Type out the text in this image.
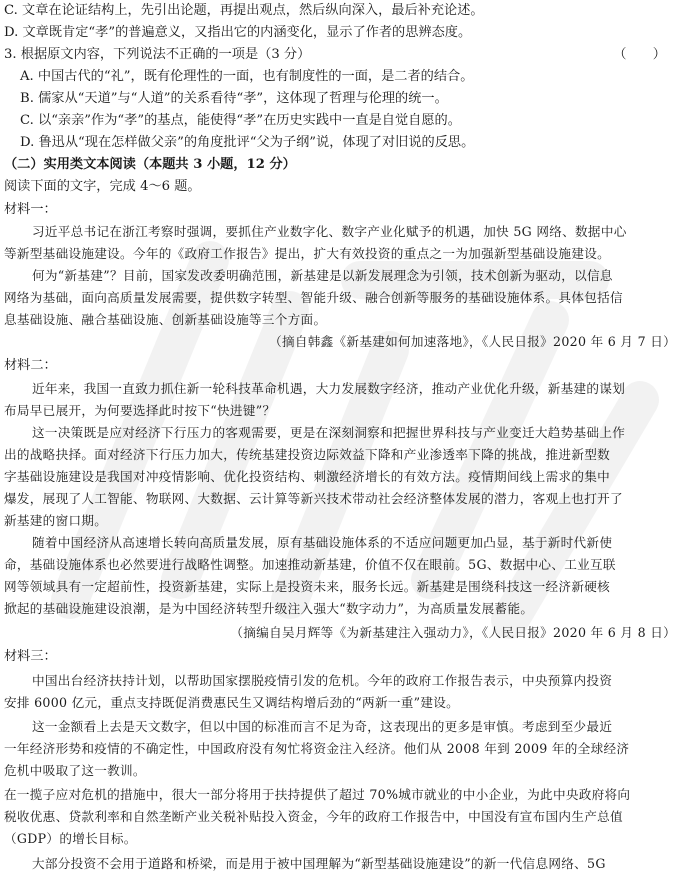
C. 文章在论证结构上，先引出论题，再提出观点，然后纵向深入，最后补充论述。
D. 文章既肯定“孝”的普遍意义，又指出它的内涵变化，显示了作者的思辨态度。
3. 根据原文内容，下列说法不正确的一项是（3 分）	（　　）
A. 中国古代的“礼”，既有伦理性的一面，也有制度性的一面，是二者的结合。
B. 儒家从“天道”与“人道”的关系看待“孝”，这体现了哲理与伦理的统一。
C. 以“亲亲”作为“孝”的基点，能使得“孝”在历史实践中一直是自觉自愿的。
D. 鲁迅从“现在怎样做父亲”的角度批评“父为子纲”说，体现了对旧说的反思。
（二）实用类文本阅读（本题共 3 小题，12 分）
阅读下面的文字，完成 4～6 题。
材料一：
习近平总书记在浙江考察时强调，要抓住产业数字化、数字产业化赋予的机遇，加快 5G 网络、数据中心
等新型基础设施建设。今年的《政府工作报告》提出，扩大有效投资的重点之一为加强新型基础设施建设。
何为“新基建”？目前，国家发改委明确范围，新基建是以新发展理念为引领，技术创新为驱动，以信息
网络为基础，面向高质量发展需要，提供数字转型、智能升级、融合创新等服务的基础设施体系。具体包括信
息基础设施、融合基础设施、创新基础设施等三个方面。
（摘自韩鑫《新基建如何加速落地》，《人民日报》2020 年 6 月 7 日）
材料二：
近年来，我国一直致力抓住新一轮科技革命机遇，大力发展数字经济，推动产业优化升级，新基建的谋划
布局早已展开，为何要选择此时按下“快进键”？
这一决策既是应对经济下行压力的客观需要，更是在深刻洞察和把握世界科技与产业变迁大趋势基础上作
出的战略抉择。面对经济下行压力加大，传统基建投资边际效益下降和产业渗透率下降的挑战，推进新型数
字基础设施建设是我国对冲疫情影响、优化投资结构、刺激经济增长的有效方法。疫情期间线上需求的集中
爆发，展现了人工智能、物联网、大数据、云计算等新兴技术带动社会经济整体发展的潜力，客观上也打开了
新基建的窗口期。
随着中国经济从高速增长转向高质量发展，原有基础设施体系的不适应问题更加凸显，基于新时代新使
命，基础设施体系也必然要进行战略性调整。加速推动新基建，价值不仅在眼前。5G、数据中心、工业互联
网等领域具有一定超前性，投资新基建，实际上是投资未来，服务长远。新基建是围绕科技这一经济新硬核
掀起的基础设施建设浪潮，是为中国经济转型升级注入强大“数字动力”，为高质量发展蓄能。
（摘编自吴月辉等《为新基建注入强动力》，《人民日报》2020 年 6 月 8 日）
材料三：
中国出台经济扶持计划，以帮助国家摆脱疫情引发的危机。今年的政府工作报告表示，中央预算内投资
安排 6000 亿元，重点支持既促消费惠民生又调结构增后劲的“两新一重”建设。
这一金额看上去是天文数字，但以中国的标准而言不足为奇，这表现出的更多是审慎。考虑到至少最近
一年经济形势和疫情的不确定性，中国政府没有匆忙将资金注入经济。他们从 2008 年到 2009 年的全球经济
危机中吸取了这一教训。
在一揽子应对危机的措施中，很大一部分将用于扶持提供了超过 70%城市就业的中小企业，为此中央政府将向
税收优惠、贷款利率和自然垄断产业关税补贴投入资金，今年的政府工作报告中，中国没有宣布国内生产总值
（GDP）的增长目标。
大部分投资不会用于道路和桥梁，而是用于被中国理解为“新型基础设施建设”的新一代信息网络、5G
